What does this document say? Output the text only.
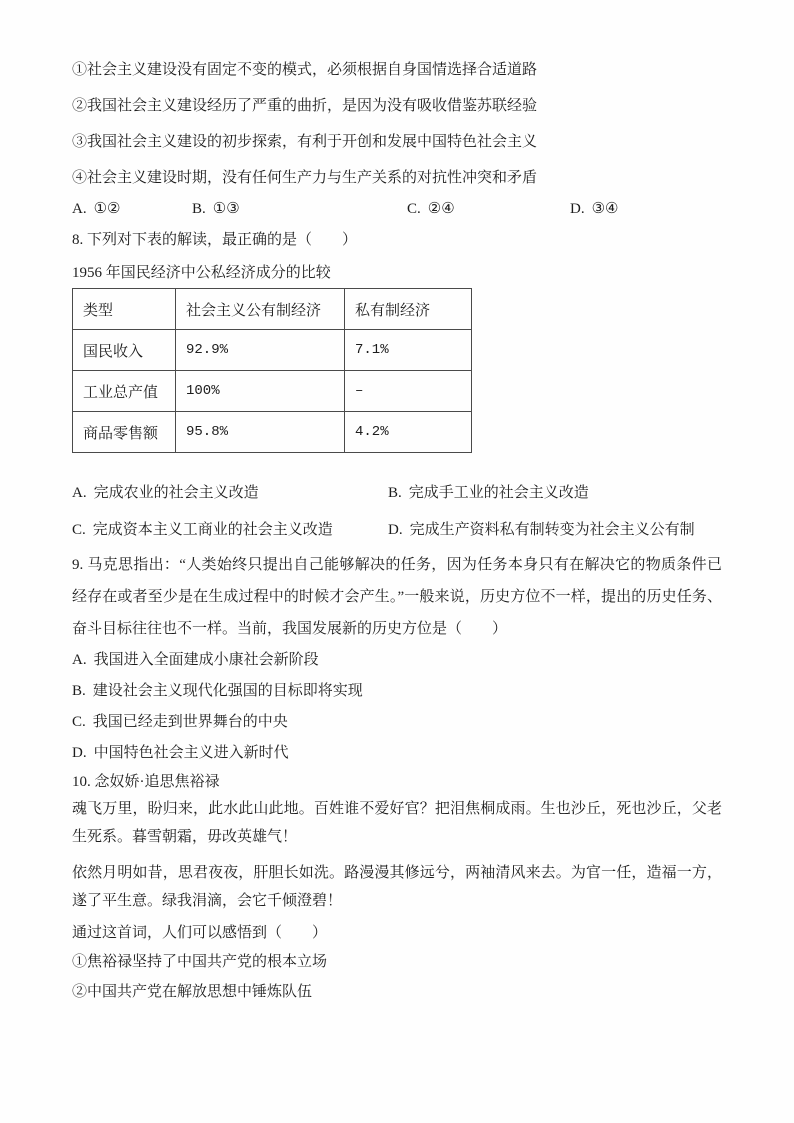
①社会主义建设没有固定不变的模式，必须根据自身国情选择合适道路
②我国社会主义建设经历了严重的曲折，是因为没有吸收借鉴苏联经验
③我国社会主义建设的初步探索，有利于开创和发展中国特色社会主义
④社会主义建设时期，没有任何生产力与生产关系的对抗性冲突和矛盾
A. ①②	B. ①③	C. ②④	D. ③④
8. 下列对下表的解读，最正确的是（　　）
1956 年国民经济中公私经济成分的比较
类型	社会主义公有制经济	私有制经济
国民收入	92.9%	7.1%
工业总产值	100%	–
商品零售额	95.8%	4.2%
A. 完成农业的社会主义改造	B. 完成手工业的社会主义改造
C. 完成资本主义工商业的社会主义改造	D. 完成生产资料私有制转变为社会主义公有制
9. 马克思指出：“人类始终只提出自己能够解决的任务，因为任务本身只有在解决它的物质条件已经存在或者至少是在生成过程中的时候才会产生。”一般来说，历史方位不一样，提出的历史任务、奋斗目标往往也不一样。当前，我国发展新的历史方位是（　　）
A. 我国进入全面建成小康社会新阶段
B. 建设社会主义现代化强国的目标即将实现
C. 我国已经走到世界舞台的中央
D. 中国特色社会主义进入新时代
10. 念奴娇·追思焦裕禄

魂飞万里，盼归来，此水此山此地。百姓谁不爱好官？把泪焦桐成雨。生也沙丘，死也沙丘，父老生死系。暮雪朝霜，毋改英雄气！

依然月明如昔，思君夜夜，肝胆长如洗。路漫漫其修远兮，两袖清风来去。为官一任，造福一方，遂了平生意。绿我涓滴，会它千倾澄碧！

通过这首词，人们可以感悟到（　　）
①焦裕禄坚持了中国共产党的根本立场
②中国共产党在解放思想中锤炼队伍
